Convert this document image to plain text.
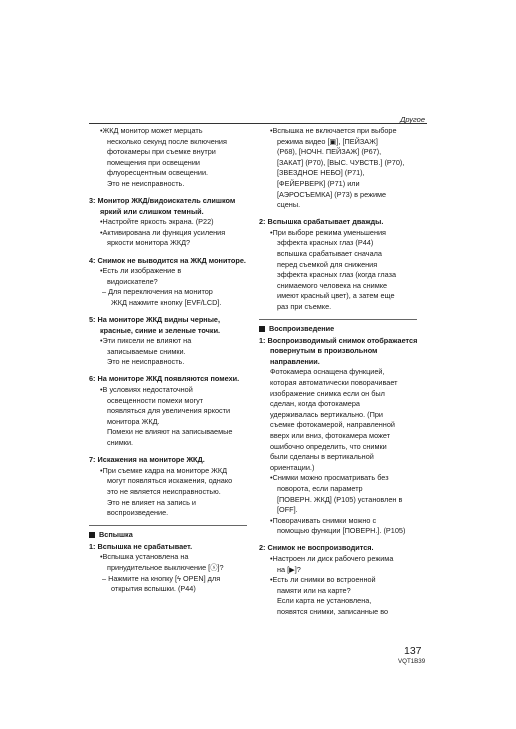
Другое
•ЖКД монитор может мерцать
несколько секунд после включения
фотокамеры при съемке внутри
помещения при освещении
флуоресцентным освещении.
Это не неисправность.
3: Монитор ЖКД/видоискатель слишком яркий или слишком темный.
•Настройте яркость экрана. (P22)
•Активирована ли функция усиления
яркости монитора ЖКД?
4: Снимок не выводится на ЖКД мониторе.
•Есть ли изображение в
видоискателе?
– Для переключения на монитор
ЖКД нажмите кнопку [EVF/LCD].
5: На мониторе ЖКД видны черные, красные, синие и зеленые точки.
•Эти пиксели не влияют на
записываемые снимки.
Это не неисправность.
6: На мониторе ЖКД появляются помехи.
•В условиях недостаточной
освещенности помехи могут
появляться для увеличения яркости
монитора ЖКД.
Помехи не влияют на записываемые
снимки.
7: Искажения на мониторе ЖКД.
•При съемке кадра на мониторе ЖКД
могут появляться искажения, однако
это не является неисправностью.
Это не влияет на запись и
воспроизведение.
Вспышка
1: Вспышка не срабатывает.
•Вспышка установлена на
принудительное выключение [ⓢ]?
– Нажмите на кнопку [ϟ OPEN] для
открытия вспышки. (P44)
•Вспышка не включается при выборе
режима видео [▣], [ПЕЙЗАЖ]
(P68), [НОЧН. ПЕЙЗАЖ] (P67),
[ЗАКАТ] (P70), [ВЫС. ЧУВСТВ.] (P70),
[ЗВЕЗДНОЕ НЕБО] (P71),
[ФЕЙЕРВЕРК] (P71) или
[АЭРОСЪЕМКА] (P73) в режиме
сцены.
2: Вспышка срабатывает дважды.
•При выборе режима уменьшения
эффекта красных глаз (P44)
вспышка срабатывает сначала
перед съемкой для снижения
эффекта красных глаз (когда глаза
снимаемого человека на снимке
имеют красный цвет), а затем еще
раз при съемке.
Воспроизведение
1: Воспроизводимый снимок отображается повернутым в произвольном направлении.
Фотокамера оснащена функцией,
которая автоматически поворачивает
изображение снимка если он был
сделан, когда фотокамера
удерживалась вертикально. (При
съемке фотокамерой, направленной
вверх или вниз, фотокамера может
ошибочно определить, что снимки
были сделаны в вертикальной
ориентации.)
•Снимки можно просматривать без
поворота, если параметр
[ПОВЕРН. ЖКД] (P105) установлен в
[OFF].
•Поворачивать снимки можно с
помощью функции [ПОВЕРН.]. (P105)
2: Снимок не воспроизводится.
•Настроен ли диск рабочего режима
на [▶]?
•Есть ли снимки во встроенной
памяти или на карте?
Если карта не установлена,
появятся снимки, записанные во
137
VQT1B39
